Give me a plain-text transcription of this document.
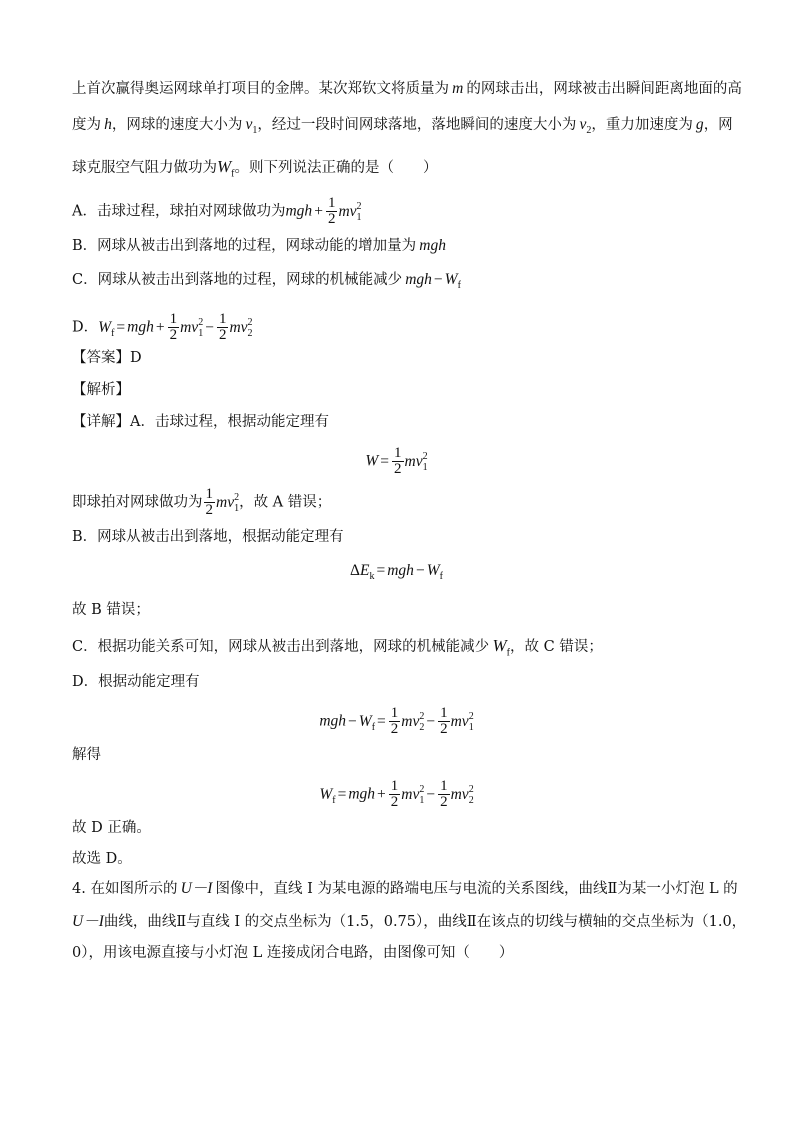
上首次赢得奥运网球单打项目的金牌。某次郑钦文将质量为 m 的网球击出，网球被击出瞬间距离地面的高
度为 h，网球的速度大小为 $v_1$，经过一段时间网球落地，落地瞬间的速度大小为 $v_2$，重力加速度为 g，网
球克服空气阻力做功为$W_f$。则下列说法正确的是（　　）
A．击球过程，球拍对网球做功为mgh + $\frac{1}{2} mv_1^2$
B．网球从被击出到落地的过程，网球动能的增加量为 mgh
C．网球从被击出到落地的过程，网球的机械能减少 mgh − $W_f$
D．$W_f$ = mgh + $\frac{1}{2} mv_1^2 - \frac{1}{2} mv_2^2$
【答案】D
【解析】
【详解】A．击球过程，根据动能定理有
$W = \frac{1}{2} mv_1^2$
即球拍对网球做功为 $\frac{1}{2} mv_1^2$，故 A 错误；
B．网球从被击出到落地，根据动能定理有
$\Delta E_k$ = mgh − $W_f$
故 B 错误；
C．根据功能关系可知，网球从被击出到落地，网球的机械能减少 $W_f$，故 C 错误；
D．根据动能定理有
mgh − $W_f = \frac{1}{2} mv_2^2 - \frac{1}{2} mv_1^2$
解得
$W_f$ = mgh + $\frac{1}{2} mv_1^2 - \frac{1}{2} mv_2^2$
故 D 正确。
故选 D。
4. 在如图所示的  U－I  图像中，直线 I 为某电源的路端电压与电流的关系图线，曲线Ⅱ为某一小灯泡 L 的
U－I曲线，曲线Ⅱ与直线 I 的交点坐标为（1.5，0.75），曲线Ⅱ在该点的切线与横轴的交点坐标为（1.0，
0），用该电源直接与小灯泡 L 连接成闭合电路，由图像可知（　　）
